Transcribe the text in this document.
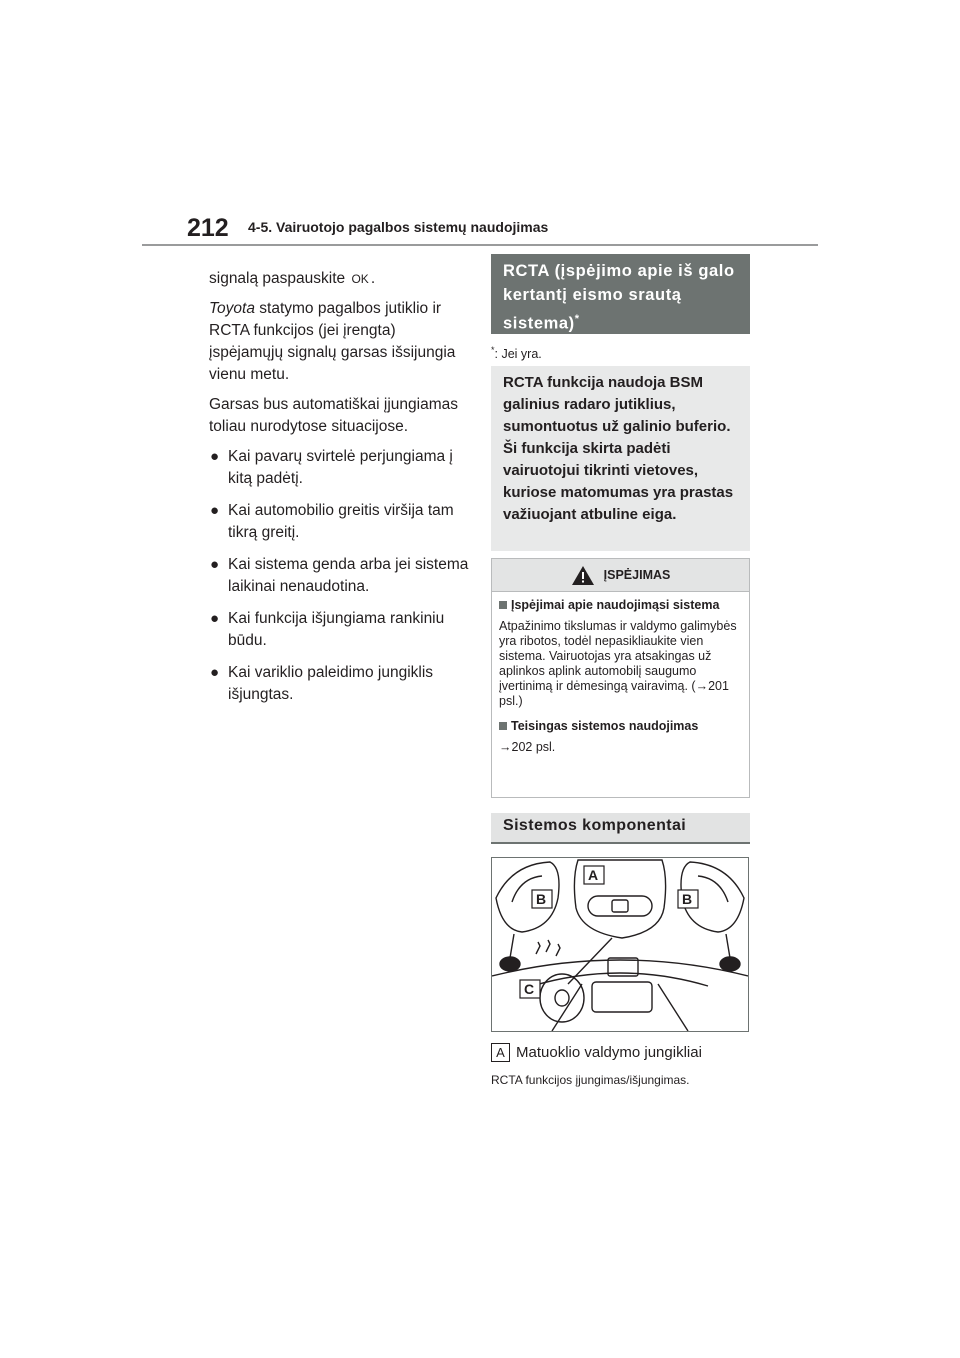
212 4-5. Vairuotojo pagalbos sistemų naudojimas

signalą paspauskite OK .

Toyota statymo pagalbos jutiklio ir RCTA funkcijos (jei įrengta) įspėjamųjų signalų garsas išsijungia vienu metu.

Garsas bus automatiškai įjungiamas toliau nurodytose situacijose.

● Kai pavarų svirtelė perjungiama į kitą padėtį.
● Kai automobilio greitis viršija tam tikrą greitį.
● Kai sistema genda arba jei sistema laikinai nenaudotina.
● Kai funkcija išjungiama rankiniu būdu.
● Kai variklio paleidimo jungiklis išjungtas.
RCTA (įspėjimo apie iš galo kertantį eismo srautą sistema)*
*: Jei yra.
RCTA funkcija naudoja BSM galinius radaro jutiklius, sumontuotus už galinio buferio. Ši funkcija skirta padėti vairuotojui tikrinti vietoves, kuriose matomumas yra prastas važiuojant atbuline eiga.
ĮSPĖJIMAS
Įspėjimai apie naudojimąsi sistema
Atpažinimo tikslumas ir valdymo galimybės yra ribotos, todėl nepasikliaukite vien sistema. Vairuotojas yra atsakingas už aplinkos aplink automobilį saugumo įvertinimą ir dėmesingą vairavimą. (→201 psl.)
Teisingas sistemos naudojimas
→202 psl.
Sistemos komponentai
B	B
A
C
A Matuoklio valdymo jungikliai
RCTA funkcijos įjungimas/išjungimas.
